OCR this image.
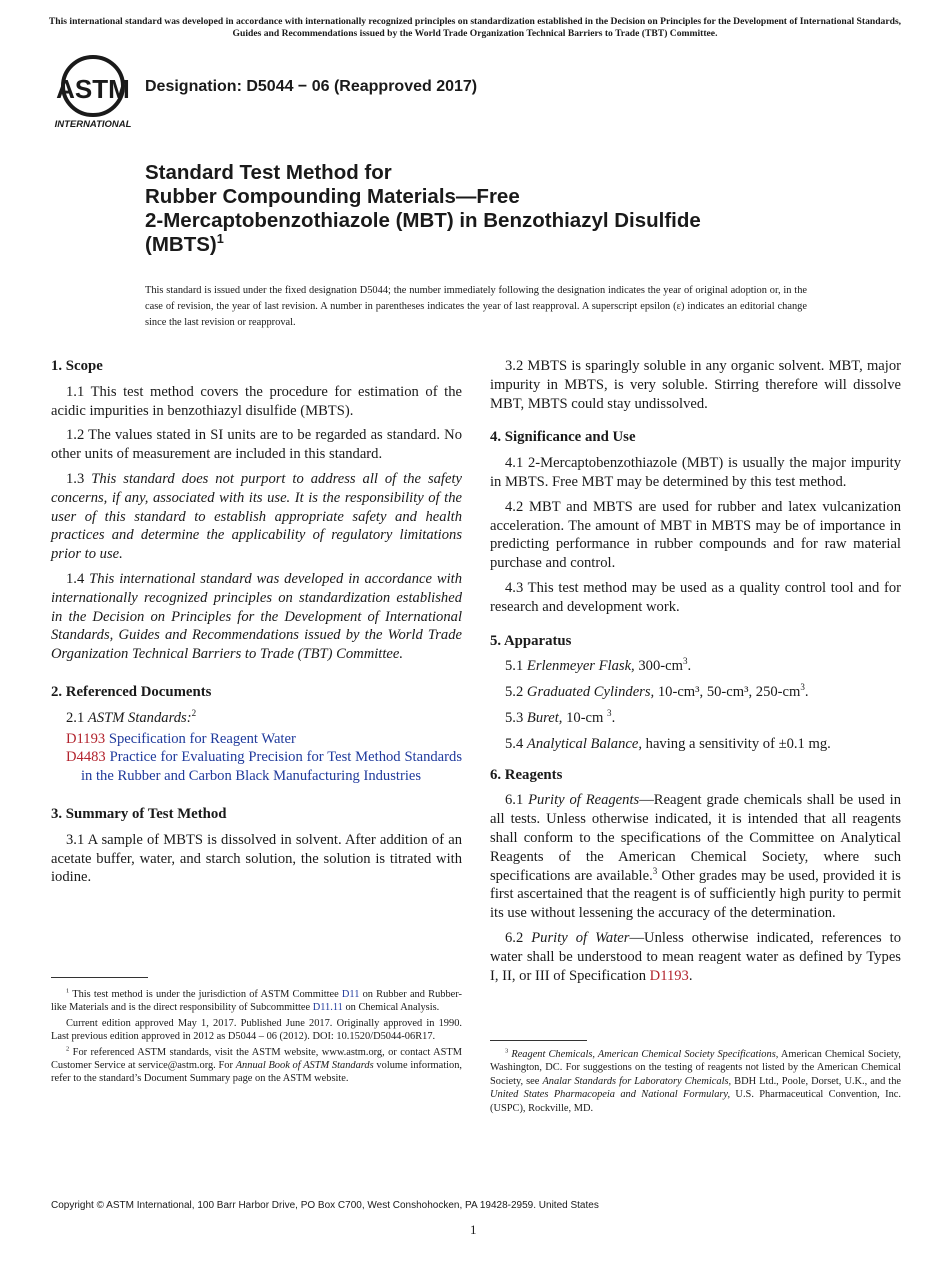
This international standard was developed in accordance with internationally recognized principles on standardization established in the Decision on Principles for the Development of International Standards, Guides and Recommendations issued by the World Trade Organization Technical Barriers to Trade (TBT) Committee.
ASTM
INTERNATIONAL
Designation: D5044 − 06 (Reapproved 2017)
Standard Test Method for
Rubber Compounding Materials—Free
2-Mercaptobenzothiazole (MBT) in Benzothiazyl Disulfide
(MBTS)$^1$
This standard is issued under the fixed designation D5044; the number immediately following the designation indicates the year of original adoption or, in the case of revision, the year of last revision. A number in parentheses indicates the year of last reapproval. A superscript epsilon (ε) indicates an editorial change since the last revision or reapproval.
1. Scope

1.1 This test method covers the procedure for estimation of the acidic impurities in benzothiazyl disulfide (MBTS).

1.2 The values stated in SI units are to be regarded as standard. No other units of measurement are included in this standard.

1.3 This standard does not purport to address all of the safety concerns, if any, associated with its use. It is the responsibility of the user of this standard to establish appropriate safety and health practices and determine the applicability of regulatory limitations prior to use.

1.4 This international standard was developed in accordance with internationally recognized principles on standardization established in the Decision on Principles for the Development of International Standards, Guides and Recommendations issued by the World Trade Organization Technical Barriers to Trade (TBT) Committee.

2. Referenced Documents

2.1 ASTM Standards:$^2$

D1193 Specification for Reagent Water

D4483 Practice for Evaluating Precision for Test Method Standards in the Rubber and Carbon Black Manufacturing Industries

3. Summary of Test Method

3.1 A sample of MBTS is dissolved in solvent. After addition of an acetate buffer, water, and starch solution, the solution is titrated with iodine.

$^1$ This test method is under the jurisdiction of ASTM Committee D11 on Rubber and Rubber-like Materials and is the direct responsibility of Subcommittee D11.11 on Chemical Analysis.

Current edition approved May 1, 2017. Published June 2017. Originally approved in 1990. Last previous edition approved in 2012 as D5044 – 06 (2012). DOI: 10.1520/D5044-06R17.

$^2$ For referenced ASTM standards, visit the ASTM website, www.astm.org, or contact ASTM Customer Service at service@astm.org. For Annual Book of ASTM Standards volume information, refer to the standard’s Document Summary page on the ASTM website.

3.2 MBTS is sparingly soluble in any organic solvent. MBT, major impurity in MBTS, is very soluble. Stirring therefore will dissolve MBT, MBTS could stay undissolved.

4. Significance and Use

4.1 2-Mercaptobenzothiazole (MBT) is usually the major impurity in MBTS. Free MBT may be determined by this test method.

4.2 MBT and MBTS are used for rubber and latex vulcanization acceleration. The amount of MBT in MBTS may be of importance in predicting performance in rubber compounds and for raw material purchase and control.

4.3 This test method may be used as a quality control tool and for research and development work.

5. Apparatus

5.1 Erlenmeyer Flask, $300-cm^3$.

5.2 Graduated Cylinders, 10-cm³, 50-cm³, $250-cm^3$.

5.3 Buret, 10-cm $^3$.

5.4 Analytical Balance, having a sensitivity of ±0.1 mg.

6. Reagents

6.1 Purity of Reagents—Reagent grade chemicals shall be used in all tests. Unless otherwise indicated, it is intended that all reagents shall conform to the specifications of the Committee on Analytical Reagents of the American Chemical Society, where such specifications are available.$^3$ Other grades may be used, provided it is first ascertained that the reagent is of sufficiently high purity to permit its use without lessening the accuracy of the determination.

6.2 Purity of Water—Unless otherwise indicated, references to water shall be understood to mean reagent water as defined by Types I, II, or III of Specification D1193.

$^3$ Reagent Chemicals, American Chemical Society Specifications, American Chemical Society, Washington, DC. For suggestions on the testing of reagents not listed by the American Chemical Society, see Analar Standards for Laboratory Chemicals, BDH Ltd., Poole, Dorset, U.K., and the United States Pharmacopeia and National Formulary, U.S. Pharmaceutical Convention, Inc. (USPC), Rockville, MD.

Copyright © ASTM International, 100 Barr Harbor Drive, PO Box C700, West Conshohocken, PA 19428-2959. United States
1
